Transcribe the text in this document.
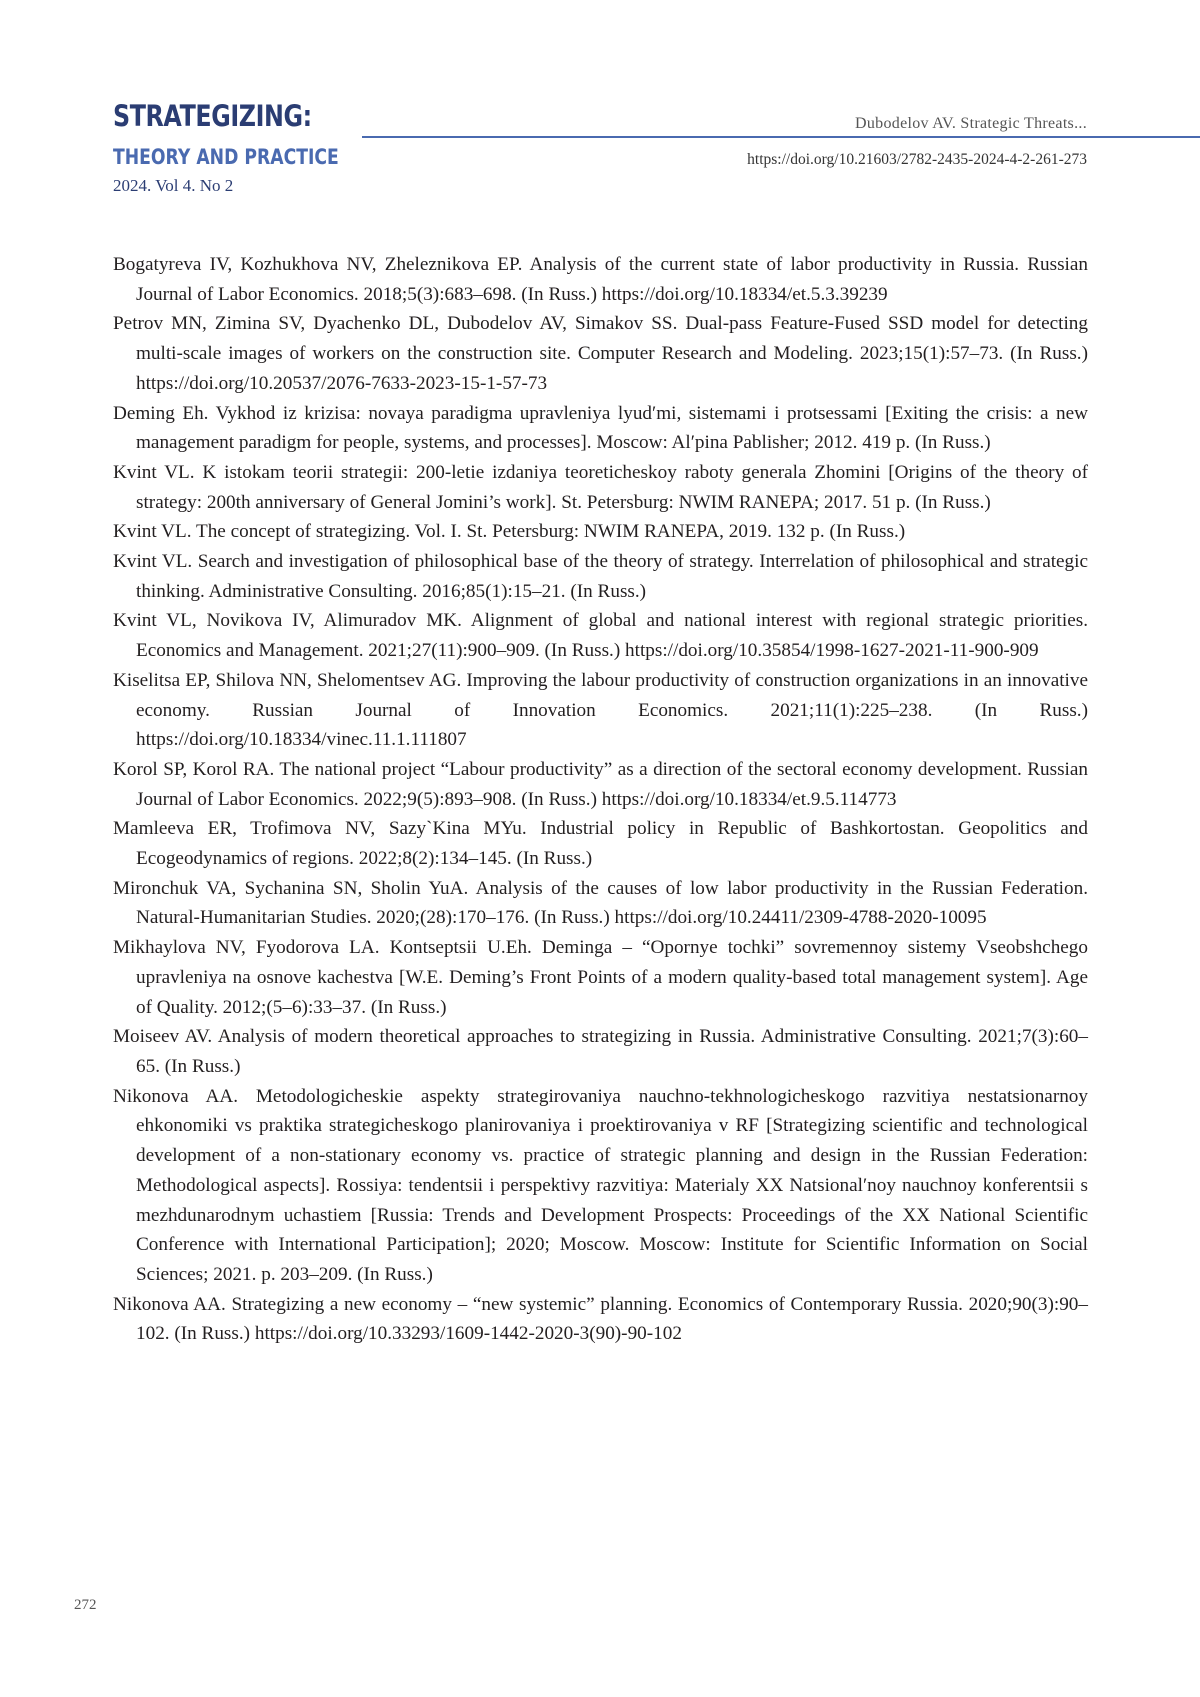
STRATEGIZING:
THEORY AND PRACTICE
2024. Vol 4. No 2
Dubodelov AV. Strategic Threats...
https://doi.org/10.21603/2782-2435-2024-4-2-261-273
Bogatyreva IV, Kozhukhova NV, Zheleznikova EP. Analysis of the current state of labor productivity in Russia. Russian Journal of Labor Economics. 2018;5(3):683–698. (In Russ.) https://doi.org/10.18334/et.5.3.39239
Petrov MN, Zimina SV, Dyachenko DL, Dubodelov AV, Simakov SS. Dual-pass Feature-Fused SSD model for detecting multi-scale images of workers on the construction site. Computer Research and Modeling. 2023;15(1):57–73. (In Russ.) https://doi.org/10.20537/2076-7633-2023-15-1-57-73
Deming Eh. Vykhod iz krizisa: novaya paradigma upravleniya lyud′mi, sistemami i protsessami [Exiting the crisis: a new management paradigm for people, systems, and processes]. Moscow: Al′pina Pablisher; 2012. 419 p. (In Russ.)
Kvint VL. K istokam teorii strategii: 200-letie izdaniya teoreticheskoy raboty generala Zhomini [Origins of the theory of strategy: 200th anniversary of General Jomini’s work]. St. Petersburg: NWIM RANEPA; 2017. 51 p. (In Russ.)
Kvint VL. The concept of strategizing. Vol. I. St. Petersburg: NWIM RANEPA, 2019. 132 p. (In Russ.)
Kvint VL. Search and investigation of philosophical base of the theory of strategy. Interrelation of philosophical and strategic thinking. Administrative Consulting. 2016;85(1):15–21. (In Russ.)
Kvint VL, Novikova IV, Alimuradov MK. Alignment of global and national interest with regional strategic priorities. Economics and Management. 2021;27(11):900–909. (In Russ.) https://doi.org/10.35854/1998-1627-2021-11-900-909
Kiselitsa EP, Shilova NN, Shelomentsev AG. Improving the labour productivity of construction organizations in an innovative economy. Russian Journal of Innovation Economics. 2021;11(1):225–238. (In Russ.) https://doi.org/10.18334/vinec.11.1.111807
Korol SP, Korol RA. The national project “Labour productivity” as a direction of the sectoral economy development. Russian Journal of Labor Economics. 2022;9(5):893–908. (In Russ.) https://doi.org/10.18334/et.9.5.114773
Mamleeva ER, Trofimova NV, Sazy`Kina MYu. Industrial policy in Republic of Bashkortostan. Geopolitics and Ecogeodynamics of regions. 2022;8(2):134–145. (In Russ.)
Mironchuk VA, Sychanina SN, Sholin YuA. Analysis of the causes of low labor productivity in the Russian Federation. Natural-Humanitarian Studies. 2020;(28):170–176. (In Russ.) https://doi.org/10.24411/2309-4788-2020-10095
Mikhaylova NV, Fyodorova LA. Kontseptsii U.Eh. Deminga – “Opornye tochki” sovremennoy sistemy Vseobshchego upravleniya na osnove kachestva [W.E. Deming’s Front Points of a modern quality-based total management system]. Age of Quality. 2012;(5–6):33–37. (In Russ.)
Moiseev AV. Analysis of modern theoretical approaches to strategizing in Russia. Administrative Consulting. 2021;7(3):60–65. (In Russ.)
Nikonova AA. Metodologicheskie aspekty strategirovaniya nauchno-tekhnologicheskogo razvitiya nestatsionarnoy ehkonomiki vs praktika strategicheskogo planirovaniya i proektirovaniya v RF [Strategizing scientific and technological development of a non-stationary economy vs. practice of strategic planning and design in the Russian Federation: Methodological aspects]. Rossiya: tendentsii i perspektivy razvitiya: Materialy XX Natsional′noy nauchnoy konferentsii s mezhdunarodnym uchastiem [Russia: Trends and Development Prospects: Proceedings of the XX National Scientific Conference with International Participation]; 2020; Moscow. Moscow: Institute for Scientific Information on Social Sciences; 2021. p. 203–209. (In Russ.)
Nikonova AA. Strategizing a new economy – “new systemic” planning. Economics of Contemporary Russia. 2020;90(3):90–102. (In Russ.) https://doi.org/10.33293/1609-1442-2020-3(90)-90-102
272
